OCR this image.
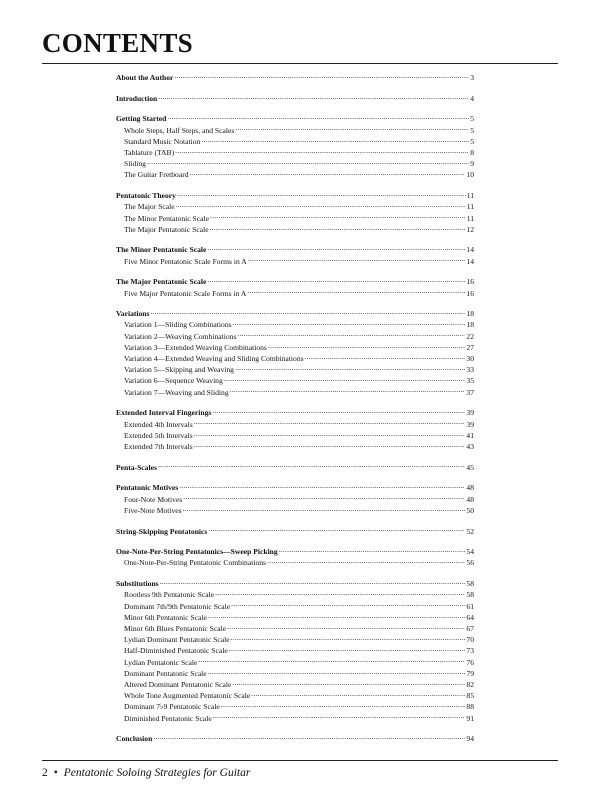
CONTENTS
About the Author .....	3
Introduction .....	4
Getting Started .....	5
Whole Steps, Half Steps, and Scales .....	5
Standard Music Notation .....	5
Tablature (TAB) .....	8
Sliding .....	9
The Guitar Fretboard .....	10
Pentatonic Theory .....	11
The Major Scale .....	11
The Minor Pentatonic Scale .....	11
The Major Pentatonic Scale .....	12
The Minor Pentatonic Scale .....	14
Five Minor Pentatonic Scale Forms in A .....	14
The Major Pentatonic Scale .....	16
Five Major Pentatonic Scale Forms in A .....	16
Variations .....	18
Variation 1—Sliding Combinations .....	18
Variation 2—Weaving Combinations .....	22
Variation 3—Extended Weaving Combinations .....	27
Variation 4—Extended Weaving and Sliding Combinations .....	30
Variation 5—Skipping and Weaving .....	33
Variation 6—Sequence Weaving .....	35
Variation 7—Weaving and Sliding .....	37
Extended Interval Fingerings .....	39
Extended 4th Intervals .....	39
Extended 5th Intervals .....	41
Extended 7th Intervals .....	43
Penta-Scales .....	45
Pentatonic Motives .....	48
Four-Note Motives .....	48
Five-Note Motives .....	50
String-Skipping Pentatonics .....	52
One-Note-Per-String Pentatonics—Sweep Picking .....	54
One-Note-Per-String Pentatonic Combinations .....	56
Substitutions .....	58
Rootless 9th Pentatonic Scale .....	58
Dominant 7th/9th Pentatonic Scale .....	61
Minor 6th Pentatonic Scale .....	64
Minor 6th Blues Pentatonic Scale .....	67
Lydian Dominant Pentatonic Scale .....	70
Half-Diminished Pentatonic Scale .....	73
Lydian Pentatonic Scale .....	76
Dominant Pentatonic Scale .....	79
Altered Dominant Pentatonic Scale .....	82
Whole Tone Augmented Pentatonic Scale .....	85
Dominant 7♭9 Pentatonic Scale .....	88
Diminished Pentatonic Scale .....	91
Conclusion .....	94
2 • Pentatonic Soloing Strategies for Guitar
